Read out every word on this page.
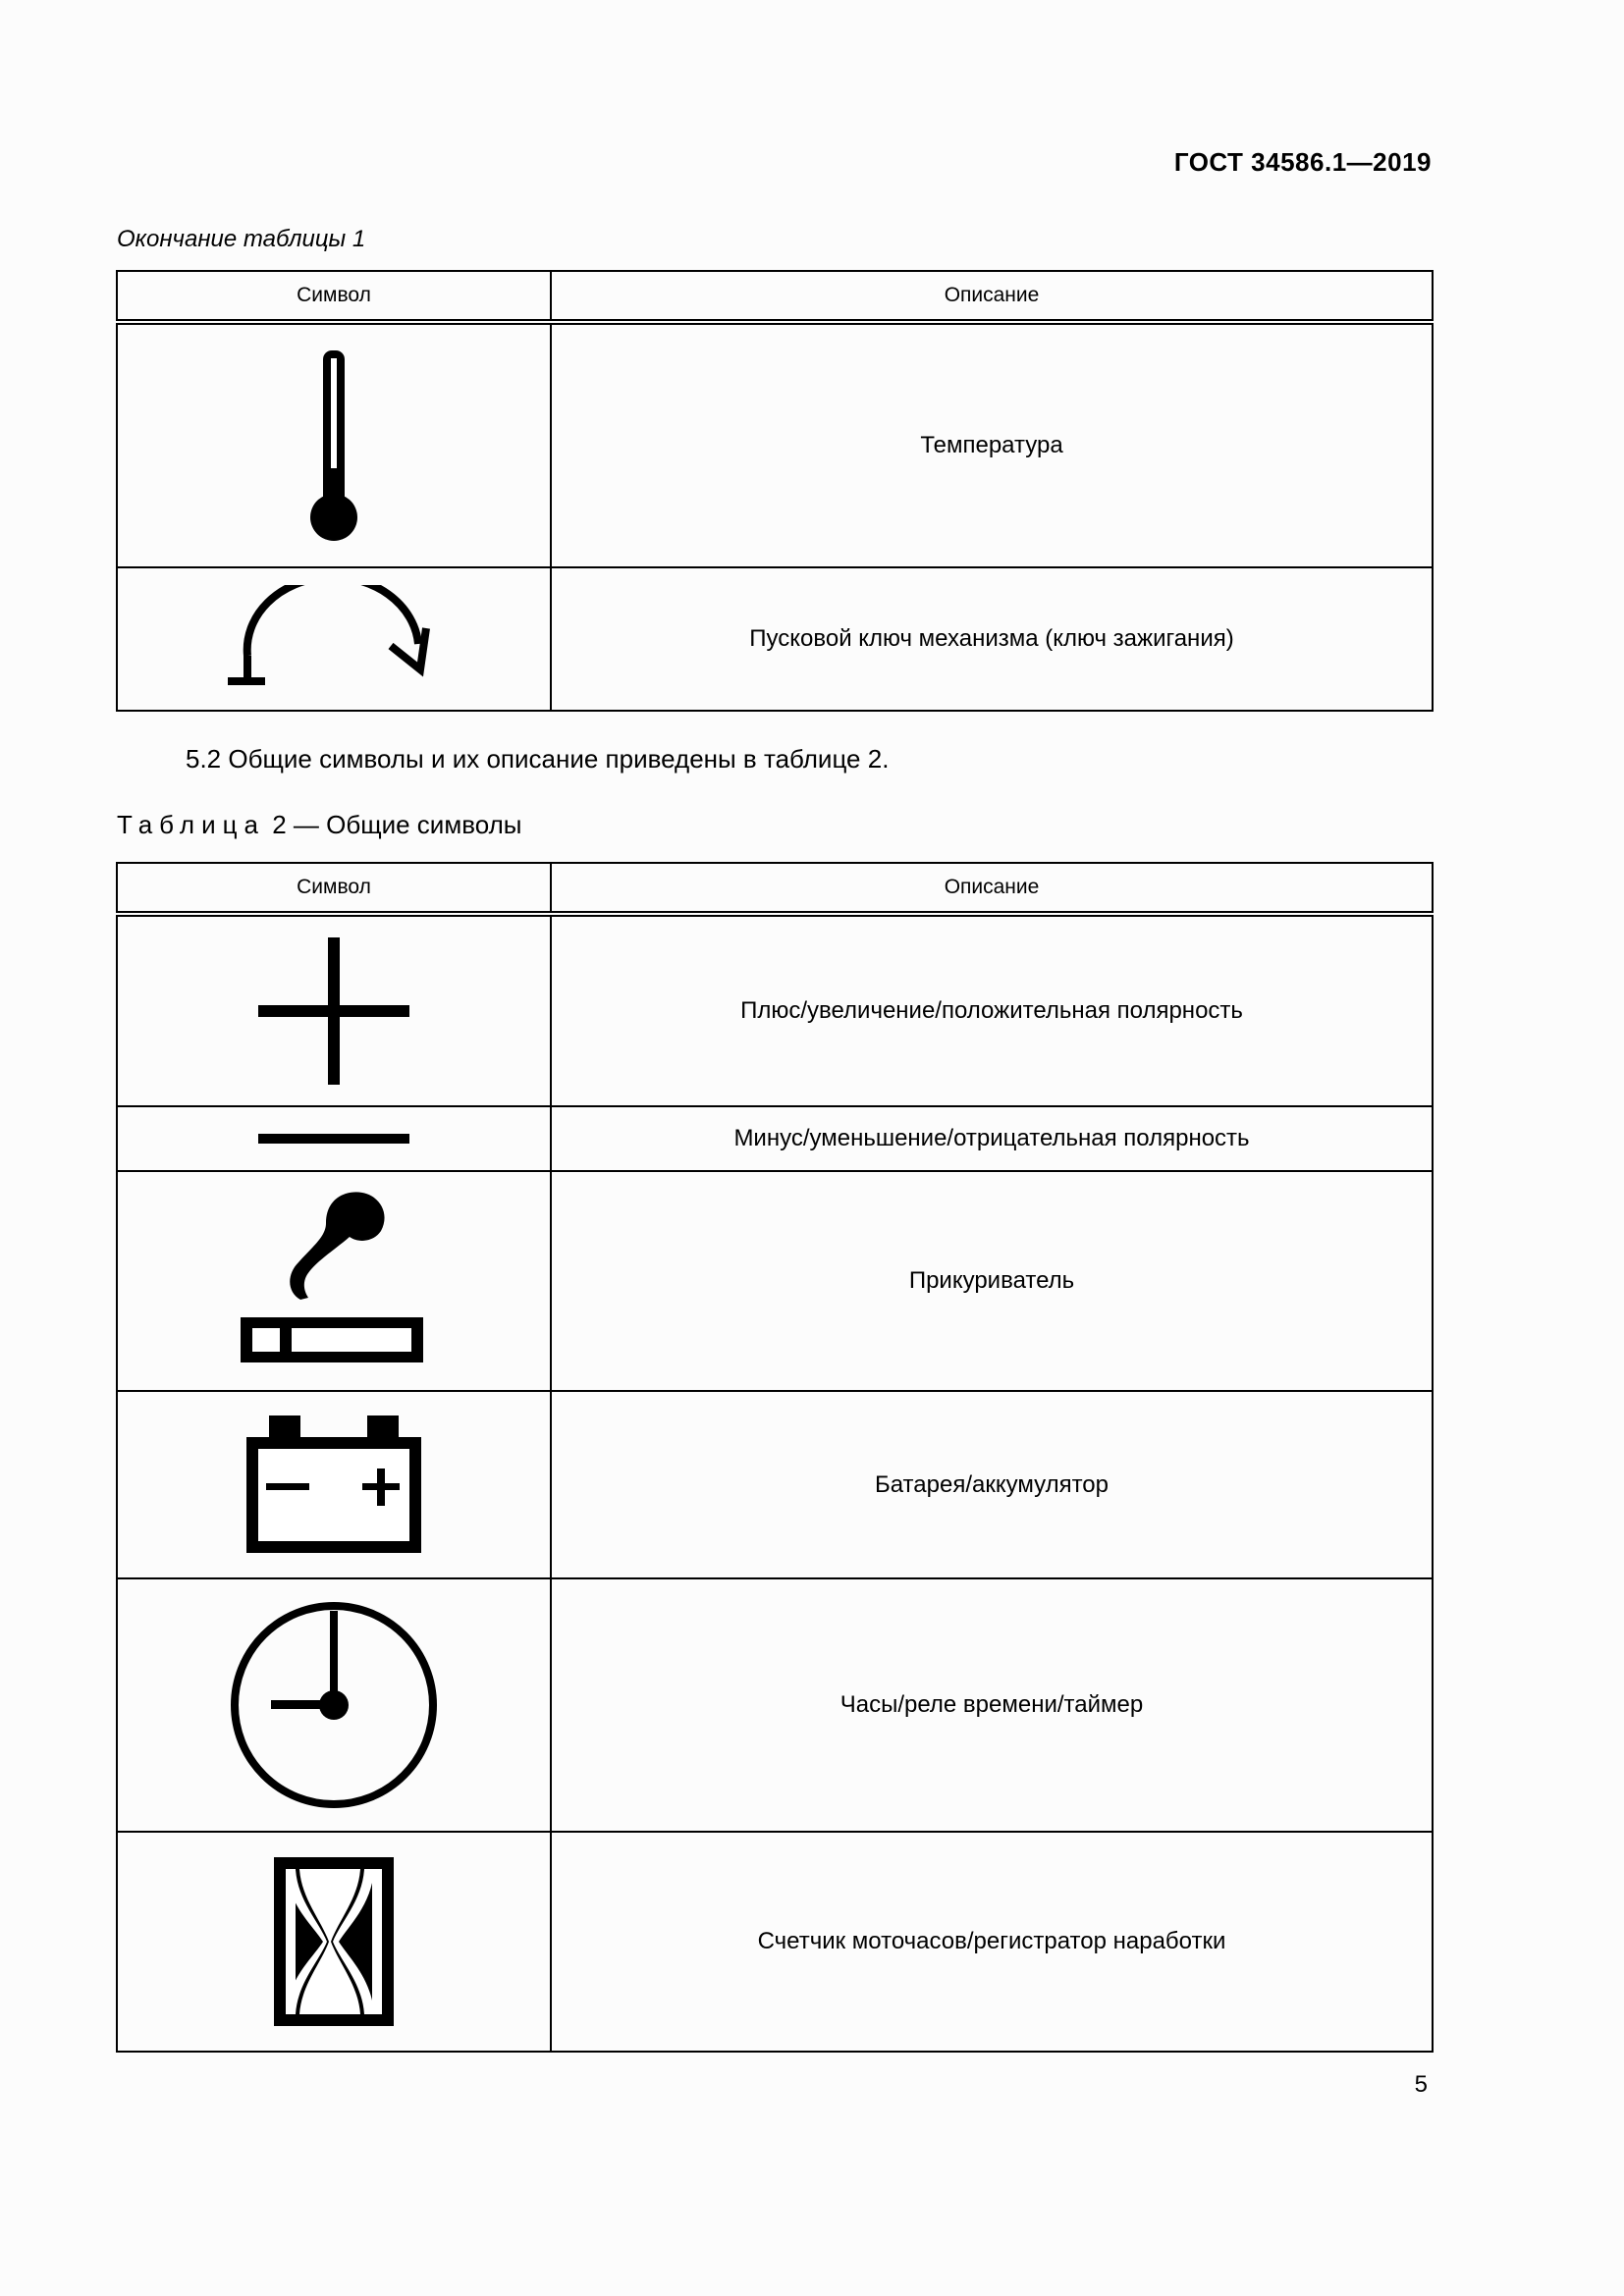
ГОСТ 34586.1—2019
Окончание таблицы 1
Символ	Описание

	Температура

	Пусковой ключ механизма (ключ зажигания)
5.2 Общие символы и их описание приведены в таблице 2.
Таблица 2 — Общие символы
Символ	Описание

	Плюс/увеличение/положительная полярность

	Минус/уменьшение/отрицательная полярность

	Прикуриватель

	Батарея/аккумулятор

	Часы/реле времени/таймер

	Счетчик моточасов/регистратор наработки
5
